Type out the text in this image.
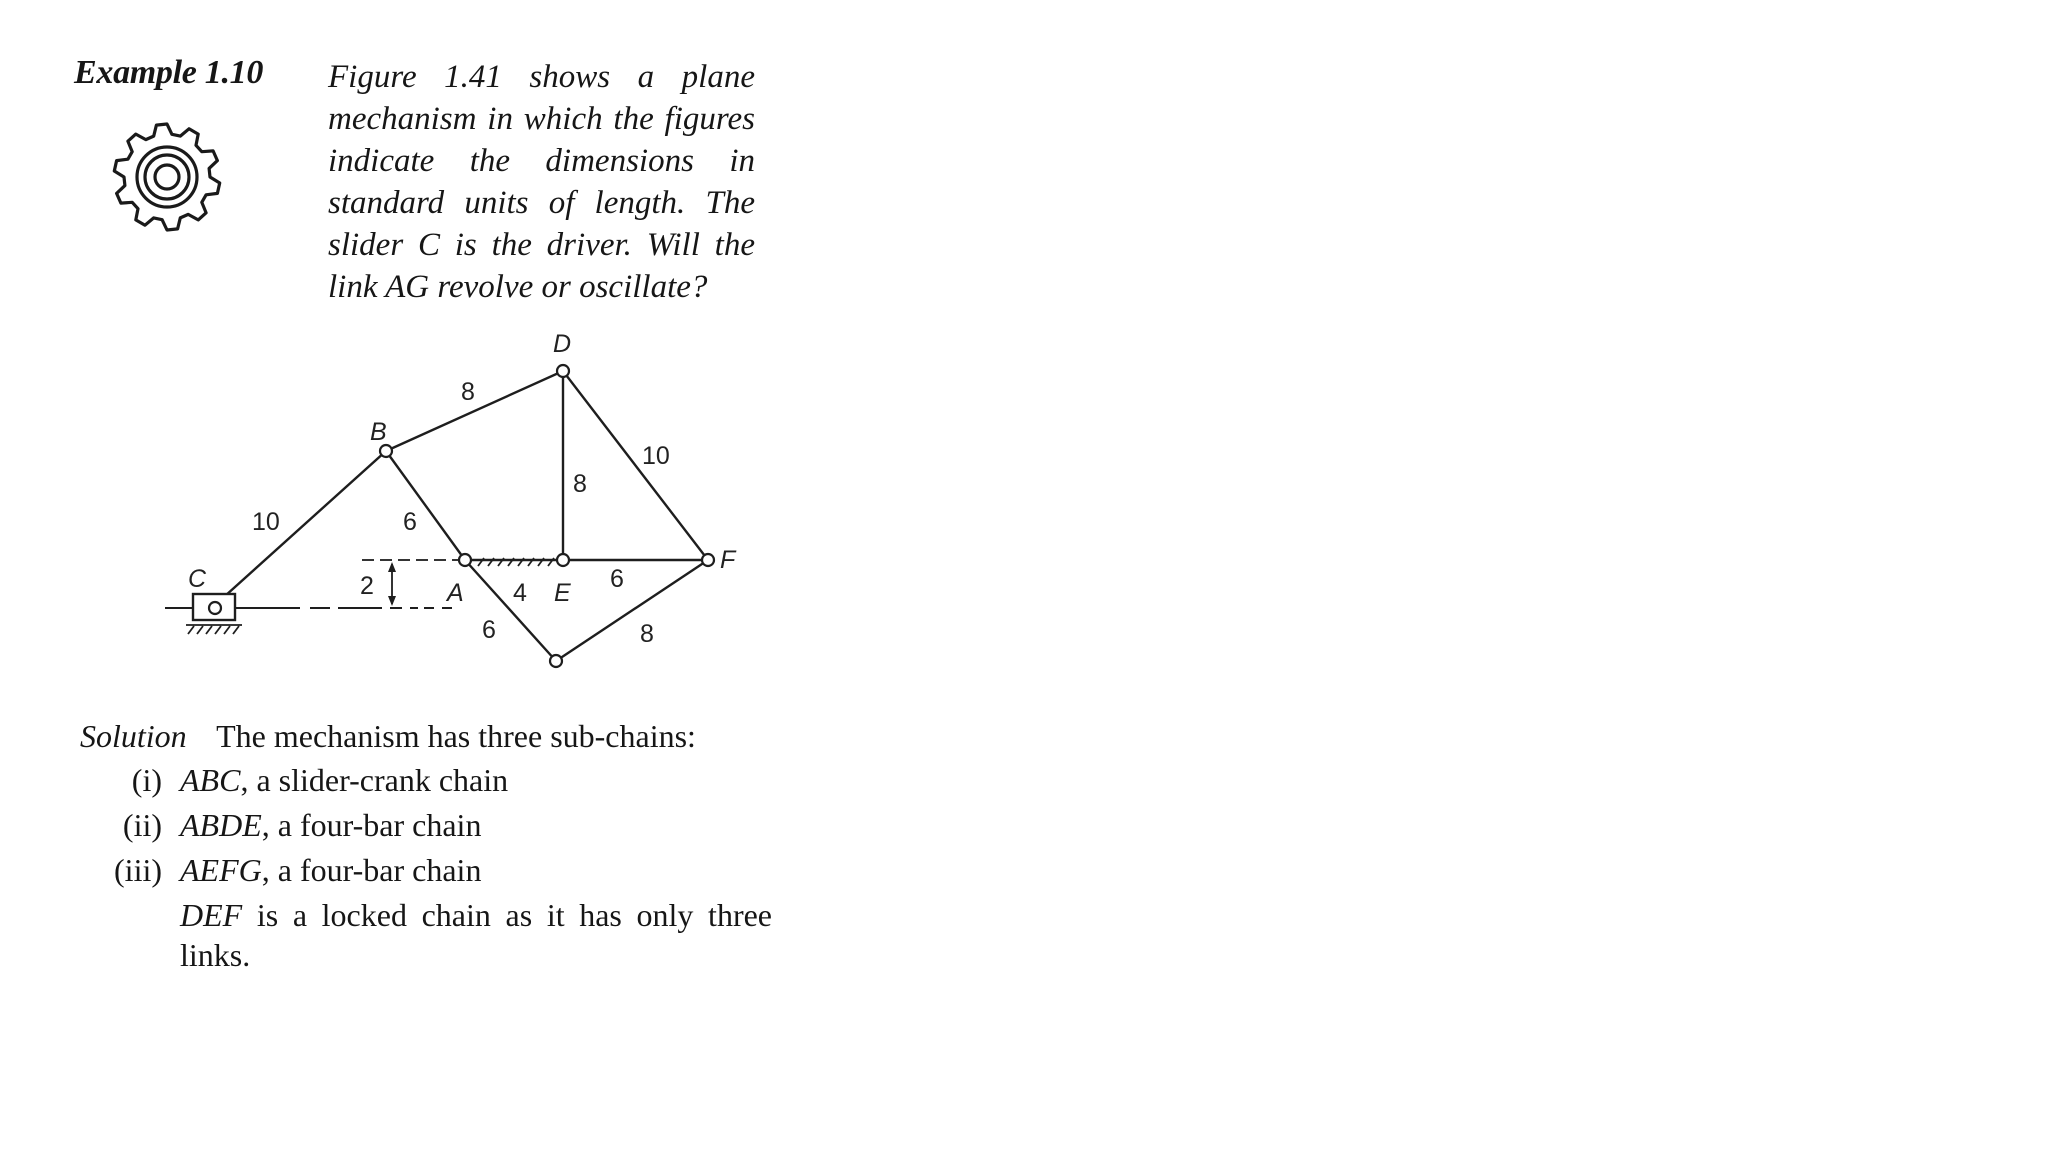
Example 1.10 Figure 1.41 shows a plane
mechanism in which the figures
indicate the dimensions in
standard units of length. The
slider C is the driver. Will the
link AG revolve or oscillate?
D
B
C	A	E
F
8
10
8
10	6
2	4	6
6	8
Solution The mechanism has three sub-chains:
(i) ABC, a slider-crank chain
(ii) ABDE, a four-bar chain
(iii) AEFG, a four-bar chain
DEF is a locked chain as it has only three
links.
